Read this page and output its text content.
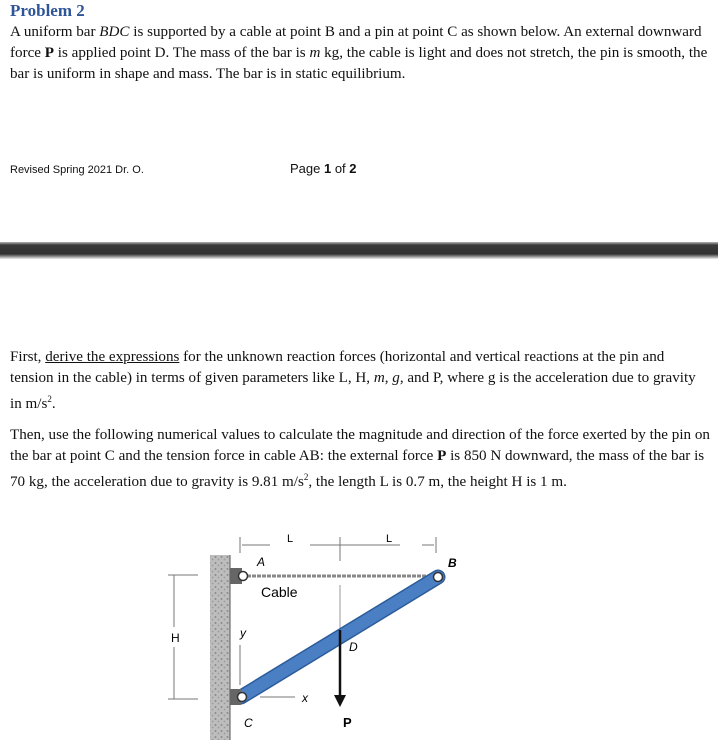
Problem 2
A uniform bar BDC is supported by a cable at point B and a pin at point C as shown below. An external downward force P is applied point D. The mass of the bar is m kg, the cable is light and does not stretch, the pin is smooth, the bar is uniform in shape and mass. The bar is in static equilibrium.
Revised Spring 2021 Dr. O.	Page 1 of 2
First, derive the expressions for the unknown reaction forces (horizontal and vertical reactions at the pin and tension in the cable) in terms of given parameters like L, H, m, g, and P, where g is the acceleration due to gravity in $m/s^2$.
Then, use the following numerical values to calculate the magnitude and direction of the force exerted by the pin on the bar at point C and the tension force in cable AB: the external force P is 850 N downward, the mass of the bar is 70 kg, the acceleration due to gravity is 9.81 $m/s^2$, the length L is 0.7 m, the height H is 1 m.
H
L	L
A	B
Cable
y
D
x
C	P
